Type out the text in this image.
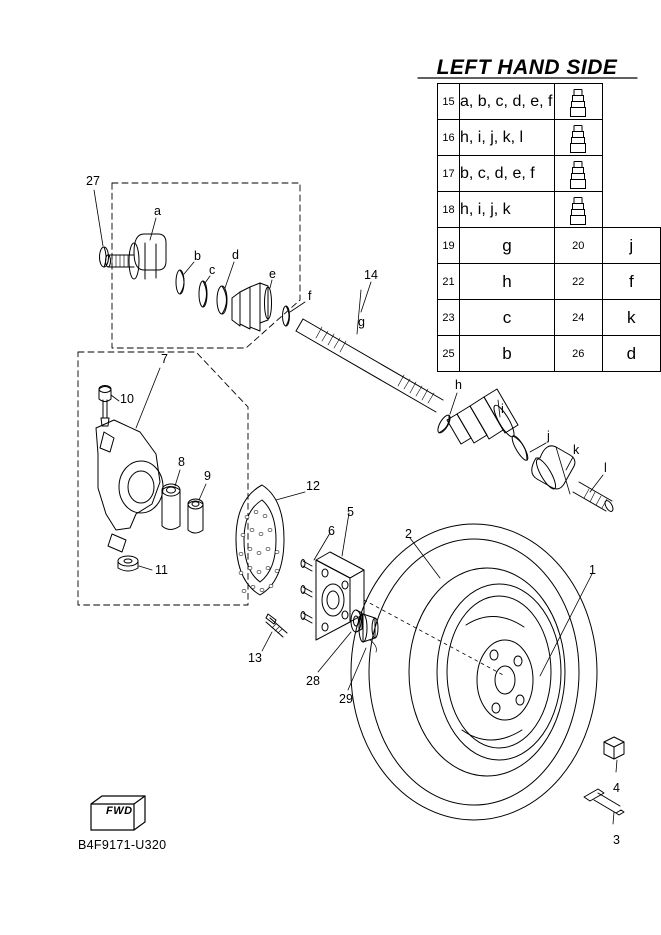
LEFT HAND SIDE
15	a, b, c, d, e, f		

16	h, i, j, k, l		

17	b, c, d, e, f		

18	h, i, j, k		

19	g	20	j
21	h	22	f
23	c	24	k
25	b	26	d
1
2
3
4
5
6
7
8
9
10
11
12
13
14
27
28
29
a
b
c
d
e
f
g
h
i
j
k
l
FWD
B4F9171-U320
